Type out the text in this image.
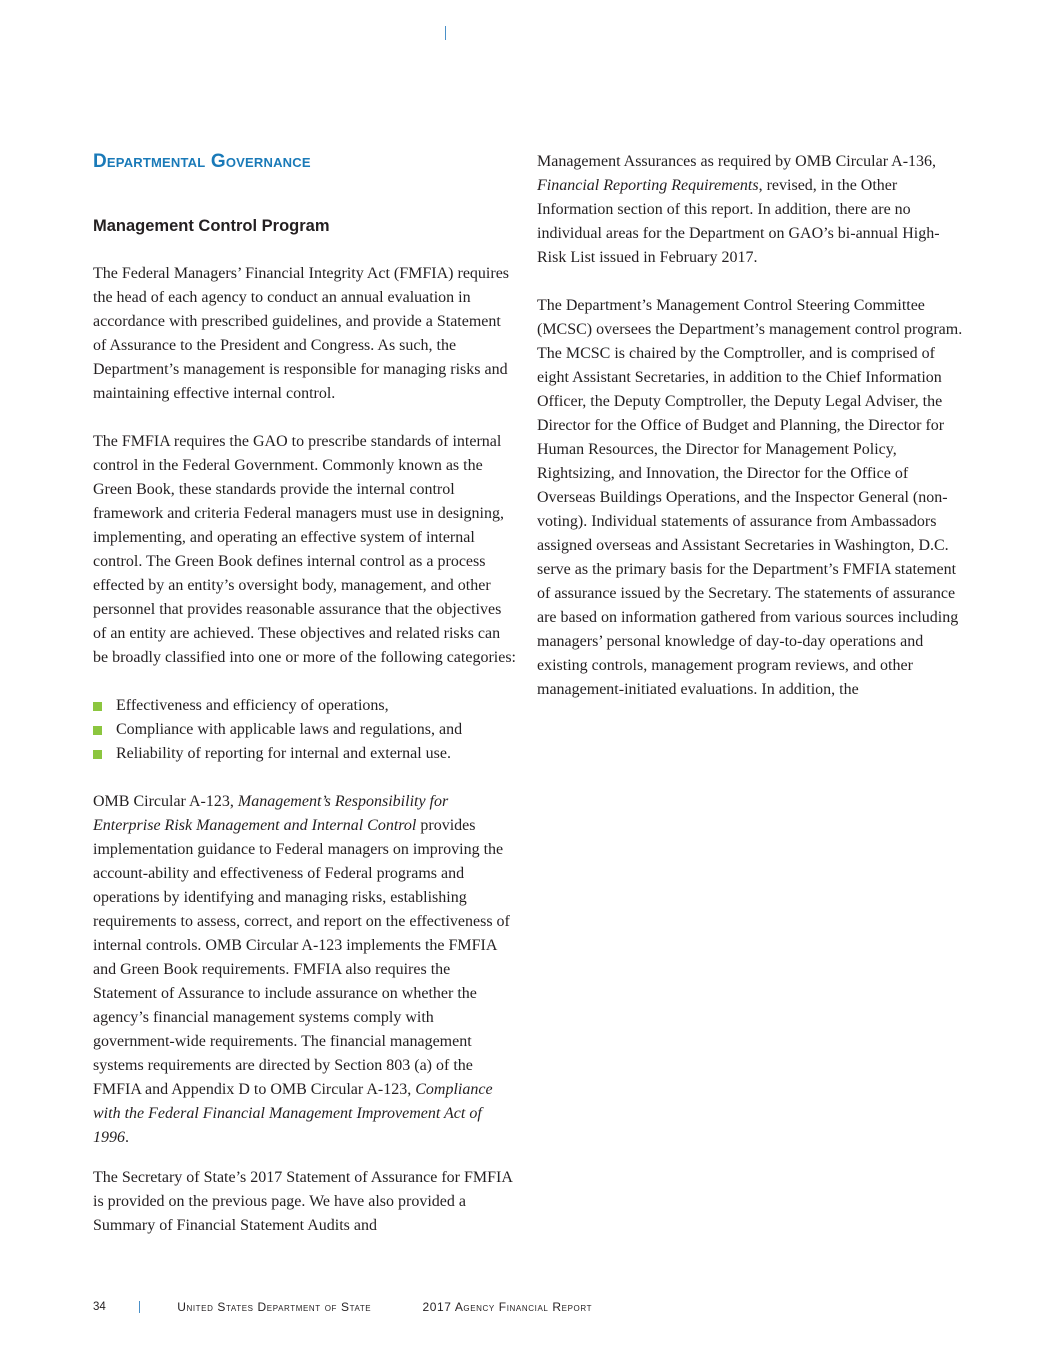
Departmental Governance
Management Control Program

The Federal Managers’ Financial Integrity Act (FMFIA) requires the head of each agency to conduct an annual evaluation in accordance with prescribed guidelines, and provide a Statement of Assurance to the President and Congress. As such, the Department’s management is responsible for managing risks and maintaining effective internal control.

The FMFIA requires the GAO to prescribe standards of internal control in the Federal Government. Commonly known as the Green Book, these standards provide the internal control framework and criteria Federal managers must use in designing, implementing, and operating an effective system of internal control. The Green Book defines internal control as a process effected by an entity’s oversight body, management, and other personnel that provides reasonable assurance that the objectives of an entity are achieved. These objectives and related risks can be broadly classified into one or more of the following categories:

Effectiveness and efficiency of operations,
Compliance with applicable laws and regulations, and
Reliability of reporting for internal and external use.

OMB Circular A-123, Management’s Responsibility for Enterprise Risk Management and Internal Control provides implementation guidance to Federal managers on improving the account-ability and effectiveness of Federal programs and operations by identifying and managing risks, establishing requirements to assess, correct, and report on the effectiveness of internal controls. OMB Circular A-123 implements the FMFIA and Green Book requirements. FMFIA also requires the Statement of Assurance to include assurance on whether the agency’s financial management systems comply with government-wide requirements. The financial management systems requirements are directed by Section 803 (a) of the FMFIA and Appendix D to OMB Circular A-123, Compliance with the Federal Financial Management Improvement Act of 1996.

The Secretary of State’s 2017 Statement of Assurance for FMFIA is provided on the previous page. We have also provided a Summary of Financial Statement Audits and

Management Assurances as required by OMB Circular A-136, Financial Reporting Requirements, revised, in the Other Information section of this report. In addition, there are no individual areas for the Department on GAO’s bi-annual High-Risk List issued in February 2017.

The Department’s Management Control Steering Committee (MCSC) oversees the Department’s management control program. The MCSC is chaired by the Comptroller, and is comprised of eight Assistant Secretaries, in addition to the Chief Information Officer, the Deputy Comptroller, the Deputy Legal Adviser, the Director for the Office of Budget and Planning, the Director for Human Resources, the Director for Management Policy, Rightsizing, and Innovation, the Director for the Office of Overseas Buildings Operations, and the Inspector General (non-voting). Individual statements of assurance from Ambassadors assigned overseas and Assistant Secretaries in Washington, D.C. serve as the primary basis for the Department’s FMFIA statement of assurance issued by the Secretary. The statements of assurance are based on information gathered from various sources including managers’ personal knowledge of day-to-day operations and existing controls, management program reviews, and other management-initiated evaluations. In addition, the

34	United States Department of State	2017 Agency Financial Report
